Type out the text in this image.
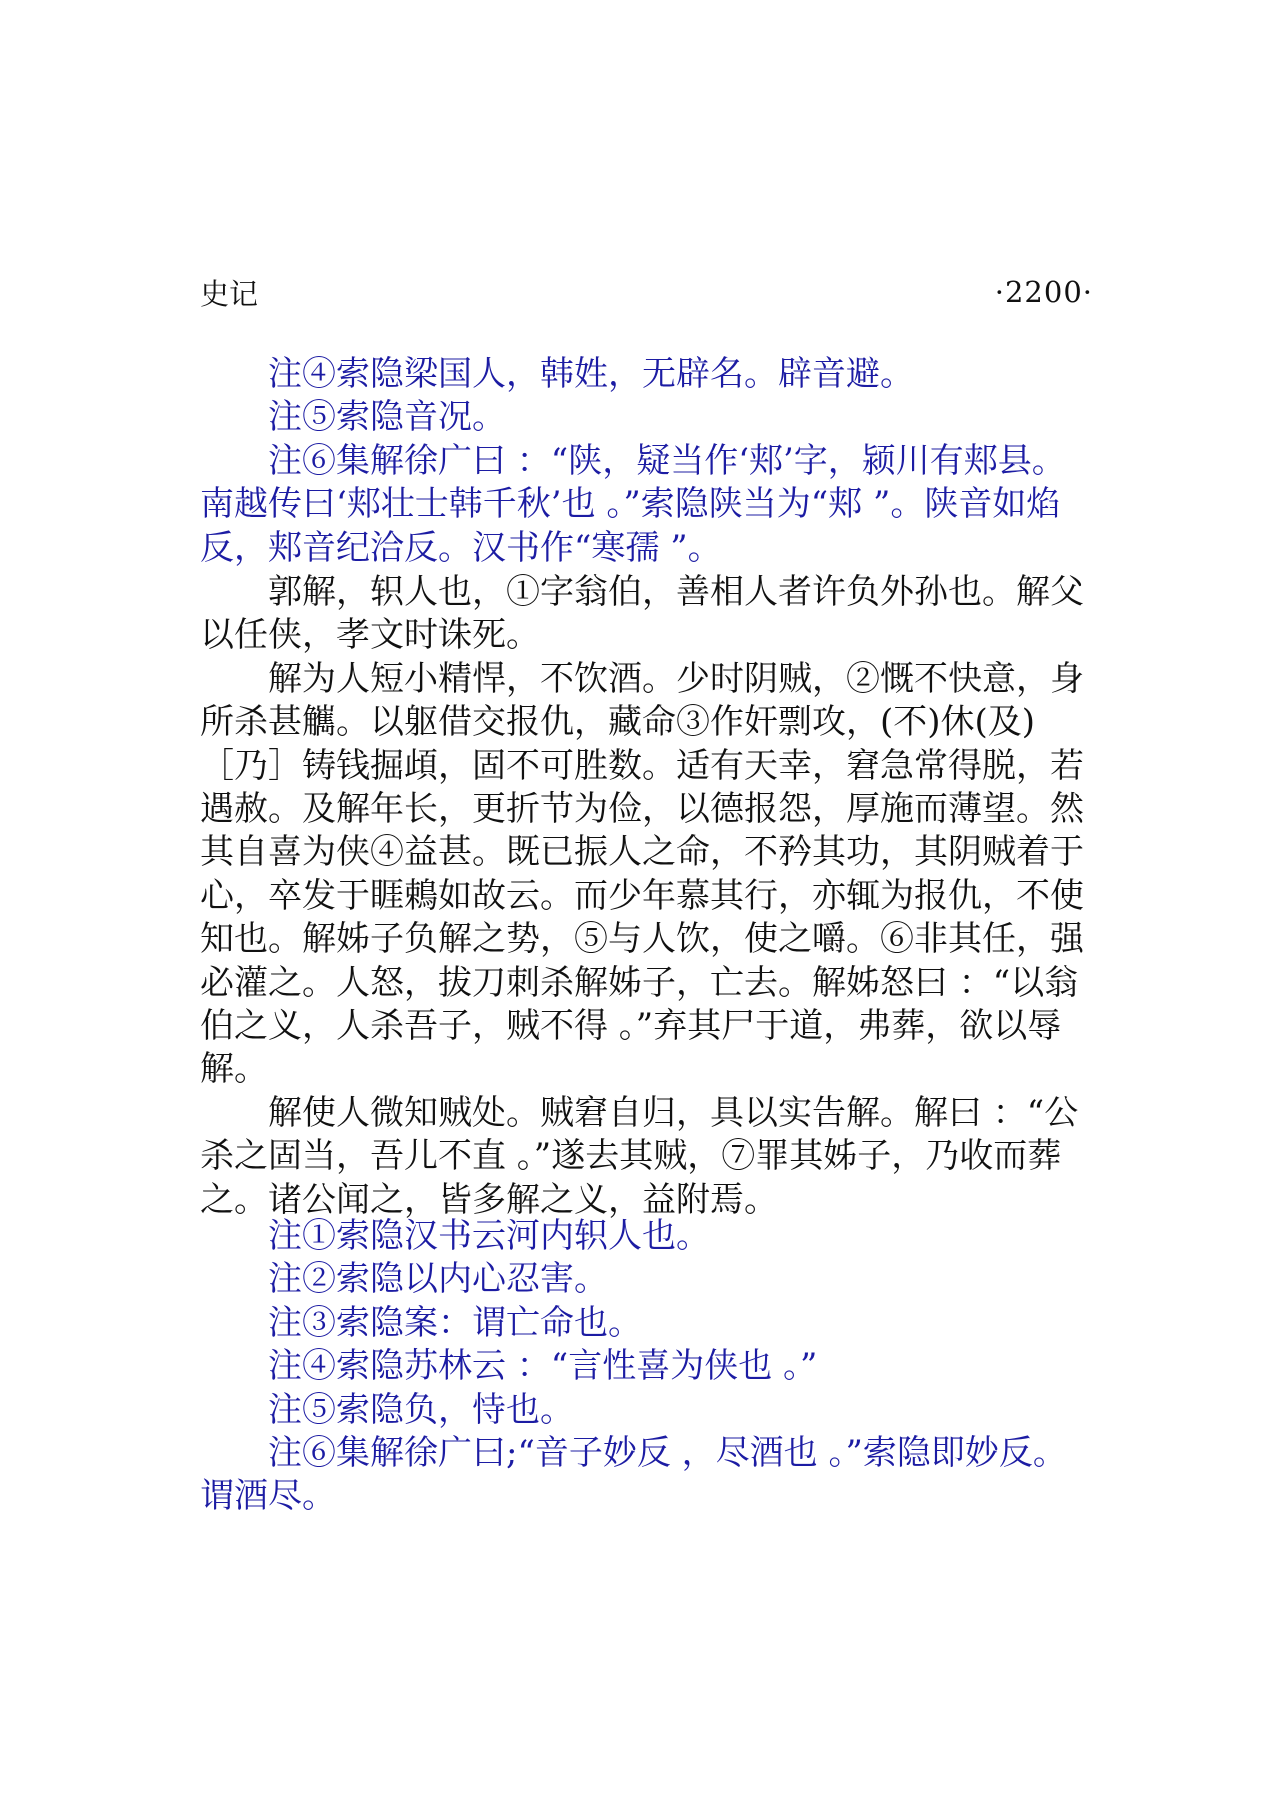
史记	·2200·

注④索隐梁国人，韩姓，无辟名。辟音避。

注⑤索隐音况。

注⑥集解徐广曰 ：“陕，疑当作‘郏’字，颍川有郏县。南越传曰‘郏壮士韩千秋’也 。”索隐陕当为“郏 ”。陕音如焰反，郏音纪洽反。汉书作“寒孺 ”。

郭解，轵人也，①字翁伯，善相人者许负外孙也。解父以任侠，孝文时诛死。

解为人短小精悍，不饮酒。少时阴贼，②慨不快意，身所杀甚觽。以躯借交报仇，藏命③作奸剽攻，(不)休(及)［乃］铸钱掘頉，固不可胜数。适有天幸，窘急常得脱，若遇赦。及解年长，更折节为俭，以德报怨，厚施而薄望。然其自喜为侠④益甚。既已振人之命，不矜其功，其阴贼着于心，卒发于睚鵣如故云。而少年慕其行，亦辄为报仇，不使知也。解姊子负解之势，⑤与人饮，使之嚼。⑥非其任，强必灌之。人怒，拔刀刺杀解姊子，亡去。解姊怒曰 ：“以翁伯之义，人杀吾子，贼不得 。”弃其尸于道，弗葬，欲以辱解。

解使人微知贼处。贼窘自归，具以实告解。解曰 ：“公杀之固当，吾儿不直 。”遂去其贼，⑦罪其姊子，乃收而葬之。诸公闻之，皆多解之义，益附焉。

注①索隐汉书云河内轵人也。

注②索隐以内心忍害。

注③索隐案：谓亡命也。

注④索隐苏林云 ：“言性喜为侠也 。”

注⑤索隐负，恃也。

注⑥集解徐广曰;“音子妙反 ，尽酒也 。”索隐即妙反。谓酒尽。
